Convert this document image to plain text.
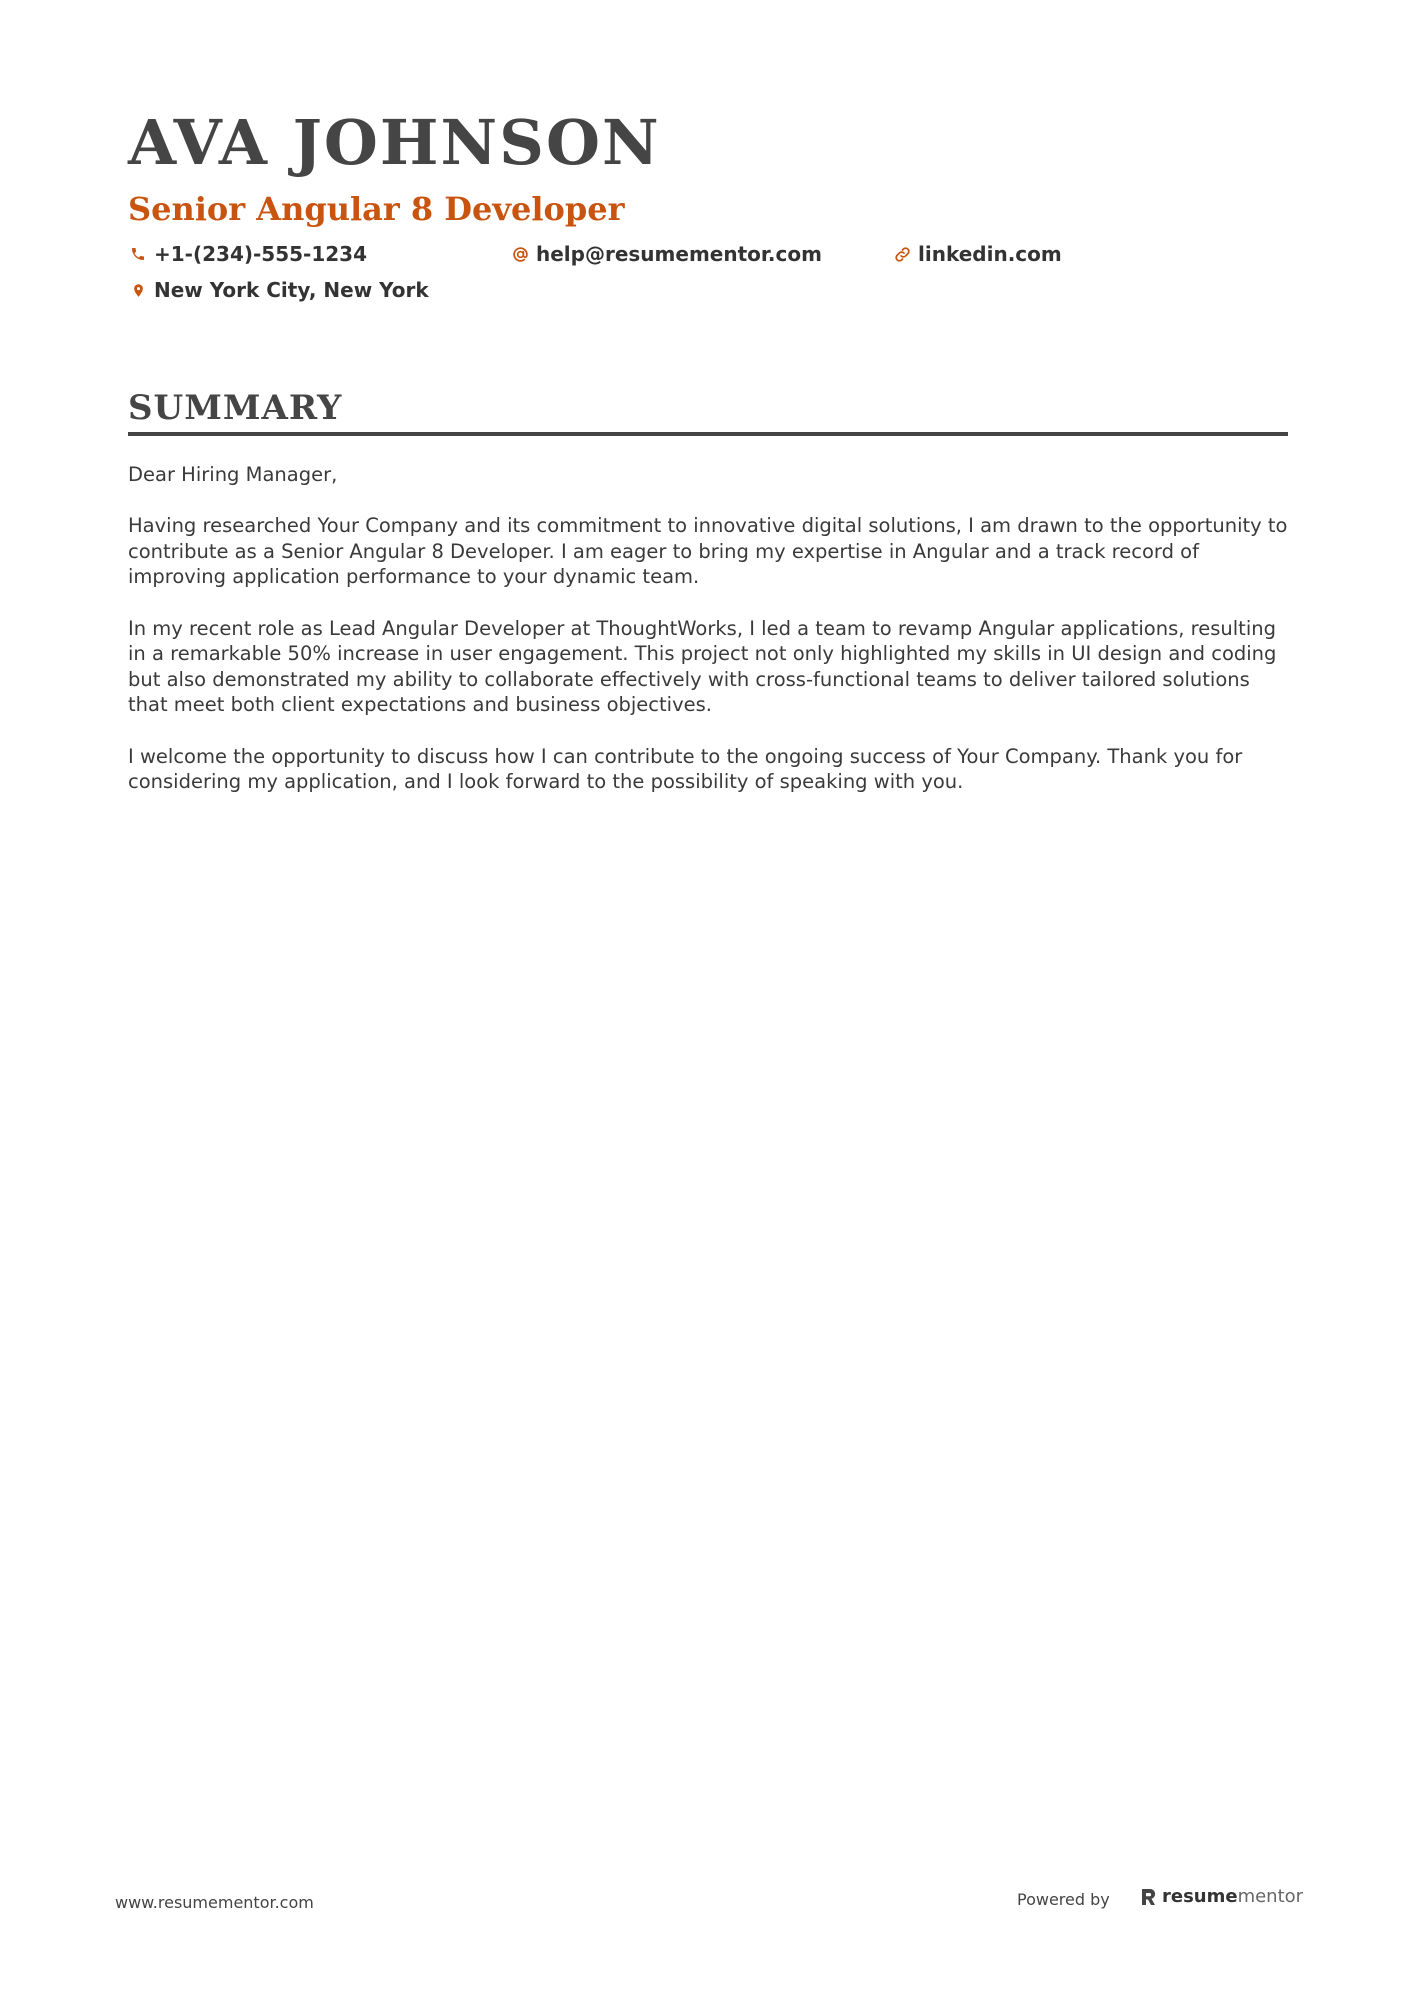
AVA JOHNSON
Senior Angular 8 Developer
+1-(234)-555-1234	help@resumementor.com	linkedin.com
New York City, New York
SUMMARY

Dear Hiring Manager,

Having researched Your Company and its commitment to innovative digital solutions, I am drawn to the opportunity to contribute as a Senior Angular 8 Developer. I am eager to bring my expertise in Angular and a track record of improving application performance to your dynamic team.

In my recent role as Lead Angular Developer at ThoughtWorks, I led a team to revamp Angular applications, resulting in a remarkable 50% increase in user engagement. This project not only highlighted my skills in UI design and coding but also demonstrated my ability to collaborate effectively with cross-functional teams to deliver tailored solutions that meet both client expectations and business objectives.

I welcome the opportunity to discuss how I can contribute to the ongoing success of Your Company. Thank you for considering my application, and I look forward to the possibility of speaking with you.

www.resumementor.com	Powered by	resume mentor
